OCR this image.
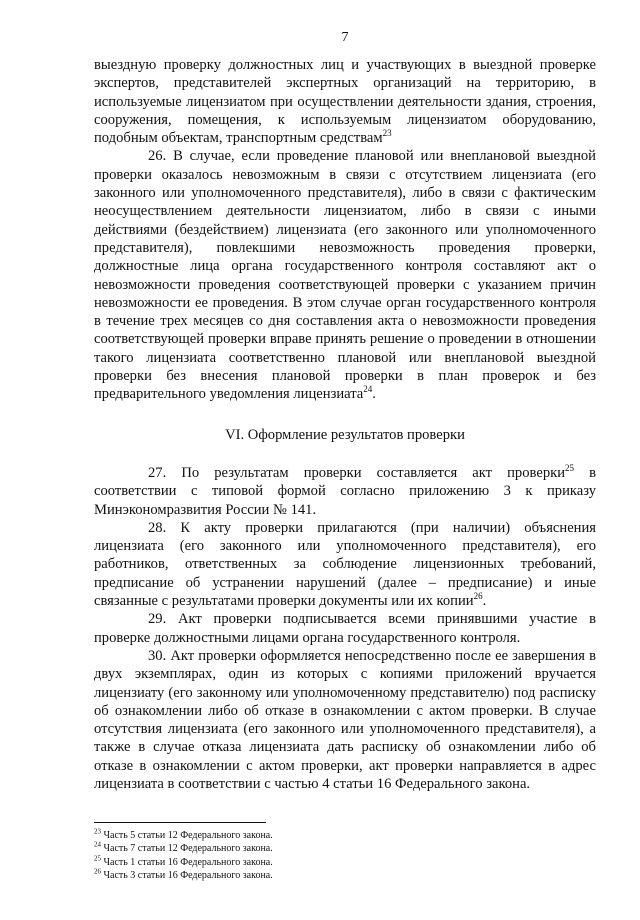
7

выездную проверку должностных лиц и участвующих в выездной проверке экспертов, представителей экспертных организаций на территорию, в используемые лицензиатом при осуществлении деятельности здания, строения, сооружения, помещения, к используемым лицензиатом оборудованию, подобным объектам, транспортным средствам$^{23}$

26. В случае, если проведение плановой или внеплановой выездной проверки оказалось невозможным в связи с отсутствием лицензиата (его законного или уполномоченного представителя), либо в связи с фактическим неосуществлением деятельности лицензиатом, либо в связи с иными действиями (бездействием) лицензиата (его законного или уполномоченного представителя), повлекшими невозможность проведения проверки, должностные лица органа государственного контроля составляют акт о невозможности проведения соответствующей проверки с указанием причин невозможности ее проведения. В этом случае орган государственного контроля в течение трех месяцев со дня составления акта о невозможности проведения соответствующей проверки вправе принять решение о проведении в отношении такого лицензиата соответственно плановой или внеплановой выездной проверки без внесения плановой проверки в план проверок и без предварительного уведомления лицензиата$^{24}$.

VI. Оформление результатов проверки

27. По результатам проверки составляется акт проверки$^{25}$ в соответствии с типовой формой согласно приложению 3 к приказу Минэкономразвития России № 141.

28. К акту проверки прилагаются (при наличии) объяснения лицензиата (его законного или уполномоченного представителя), его работников, ответственных за соблюдение лицензионных требований, предписание об устранении нарушений (далее – предписание) и иные связанные с результатами проверки документы или их копии$^{26}$.

29. Акт проверки подписывается всеми принявшими участие в проверке должностными лицами органа государственного контроля.

30. Акт проверки оформляется непосредственно после ее завершения в двух экземплярах, один из которых с копиями приложений вручается лицензиату (его законному или уполномоченному представителю) под расписку об ознакомлении либо об отказе в ознакомлении с актом проверки. В случае отсутствия лицензиата (его законного или уполномоченного представителя), а также в случае отказа лицензиата дать расписку об ознакомлении либо об отказе в ознакомлении с актом проверки, акт проверки направляется в адрес лицензиата в соответствии с частью 4 статьи 16 Федерального закона.

$^{23}$ Часть 5 статьи 12 Федерального закона.

$^{24}$ Часть 7 статьи 12 Федерального закона.

$^{25}$ Часть 1 статьи 16 Федерального закона.

$^{26}$ Часть 3 статьи 16 Федерального закона.
